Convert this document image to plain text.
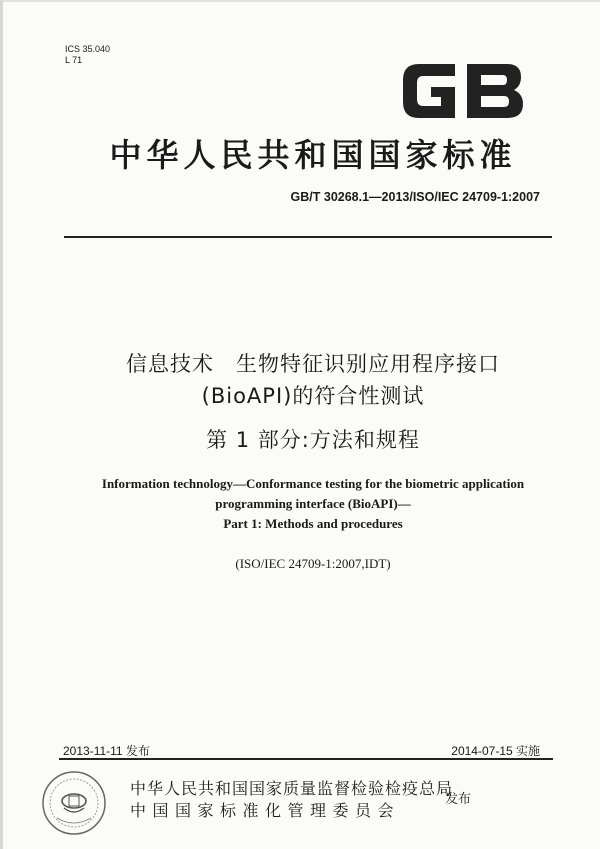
ICS 35.040
L 71
中华人民共和国国家标准
GB/T 30268.1—2013/ISO/IEC 24709-1:2007
信息技术　生物特征识别应用程序接口
(BioAPI)的符合性测试
第 1 部分:方法和规程
Information technology—Conformance testing for the biometric application
programming interface (BioAPI)—
Part 1: Methods and procedures
(ISO/IEC 24709-1:2007,IDT)
2013-11-11 发布	2014-07-15 实施
中华人民共和国国家质量监督检验检疫总局
中国国家标准化管理委员会
发布
